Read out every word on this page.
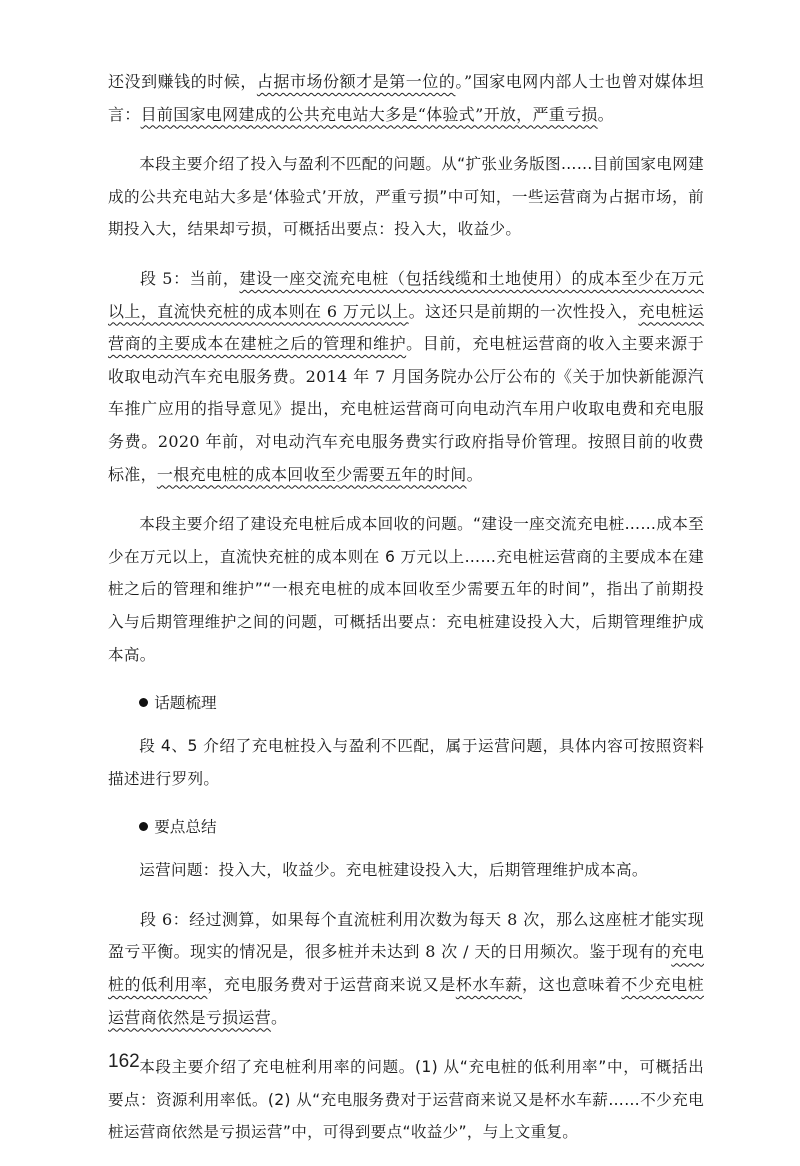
还没到赚钱的时候，占据市场份额才是第一位的。”国家电网内部人士也曾对媒体坦言：目前国家电网建成的公共充电站大多是“体验式”开放，严重亏损。

本段主要介绍了投入与盈利不匹配的问题。从“扩张业务版图……目前国家电网建成的公共充电站大多是‘体验式’开放，严重亏损”中可知，一些运营商为占据市场，前期投入大，结果却亏损，可概括出要点：投入大，收益少。

段 5：当前，建设一座交流充电桩（包括线缆和土地使用）的成本至少在万元以上，直流快充桩的成本则在 6 万元以上。这还只是前期的一次性投入，充电桩运营商的主要成本在建桩之后的管理和维护。目前，充电桩运营商的收入主要来源于收取电动汽车充电服务费。2014 年 7 月国务院办公厅公布的《关于加快新能源汽车推广应用的指导意见》提出，充电桩运营商可向电动汽车用户收取电费和充电服务费。2020 年前，对电动汽车充电服务费实行政府指导价管理。按照目前的收费标准，一根充电桩的成本回收至少需要五年的时间。

本段主要介绍了建设充电桩后成本回收的问题。“建设一座交流充电桩……成本至少在万元以上，直流快充桩的成本则在 6 万元以上……充电桩运营商的主要成本在建桩之后的管理和维护”“一根充电桩的成本回收至少需要五年的时间”，指出了前期投入与后期管理维护之间的问题，可概括出要点：充电桩建设投入大，后期管理维护成本高。

话题梳理

段 4、5 介绍了充电桩投入与盈利不匹配，属于运营问题，具体内容可按照资料描述进行罗列。

要点总结

运营问题：投入大，收益少。充电桩建设投入大，后期管理维护成本高。

段 6：经过测算，如果每个直流桩利用次数为每天 8 次，那么这座桩才能实现盈亏平衡。现实的情况是，很多桩并未达到 8 次 / 天的日用频次。鉴于现有的充电桩的低利用率，充电服务费对于运营商来说又是杯水车薪，这也意味着不少充电桩运营商依然是亏损运营。

本段主要介绍了充电桩利用率的问题。(1) 从“充电桩的低利用率”中，可概括出要点：资源利用率低。(2) 从“充电服务费对于运营商来说又是杯水车薪……不少充电桩运营商依然是亏损运营”中，可得到要点“收益少”，与上文重复。

162
